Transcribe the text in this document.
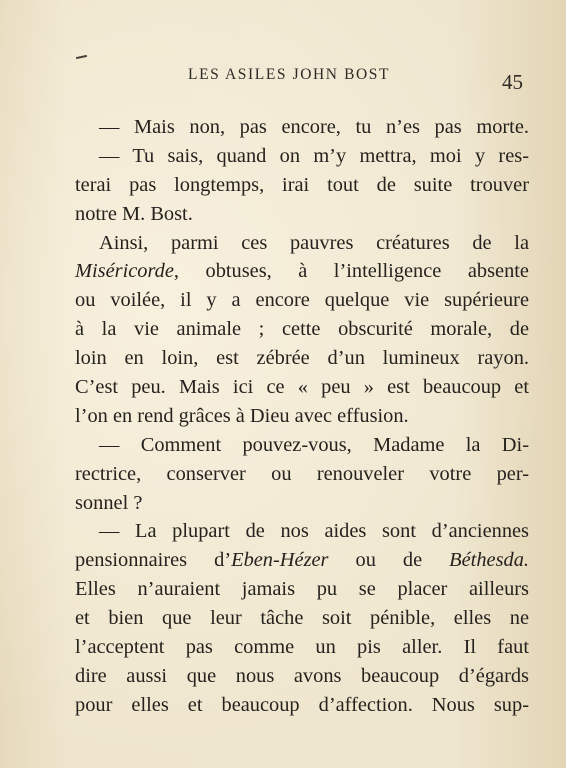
LES ASILES JOHN BOST	45
— Mais non, pas encore, tu n’es pas morte.
— Tu sais, quand on m’y mettra, moi y res-
terai pas longtemps, irai tout de suite trouver
notre M. Bost.
Ainsi, parmi ces pauvres créatures de la
Miséricorde, obtuses, à l’intelligence absente
ou voilée, il y a encore quelque vie supérieure
à la vie animale ; cette obscurité morale, de
loin en loin, est zébrée d’un lumineux rayon.
C’est peu. Mais ici ce « peu » est beaucoup et
l’on en rend grâces à Dieu avec effusion.
— Comment pouvez-vous, Madame la Di-
rectrice, conserver ou renouveler votre per-
sonnel ?
— La plupart de nos aides sont d’anciennes
pensionnaires d’Eben-Hézer ou de Béthesda.
Elles n’auraient jamais pu se placer ailleurs
et bien que leur tâche soit pénible, elles ne
l’acceptent pas comme un pis aller. Il faut
dire aussi que nous avons beaucoup d’égards
pour elles et beaucoup d’affection. Nous sup-
